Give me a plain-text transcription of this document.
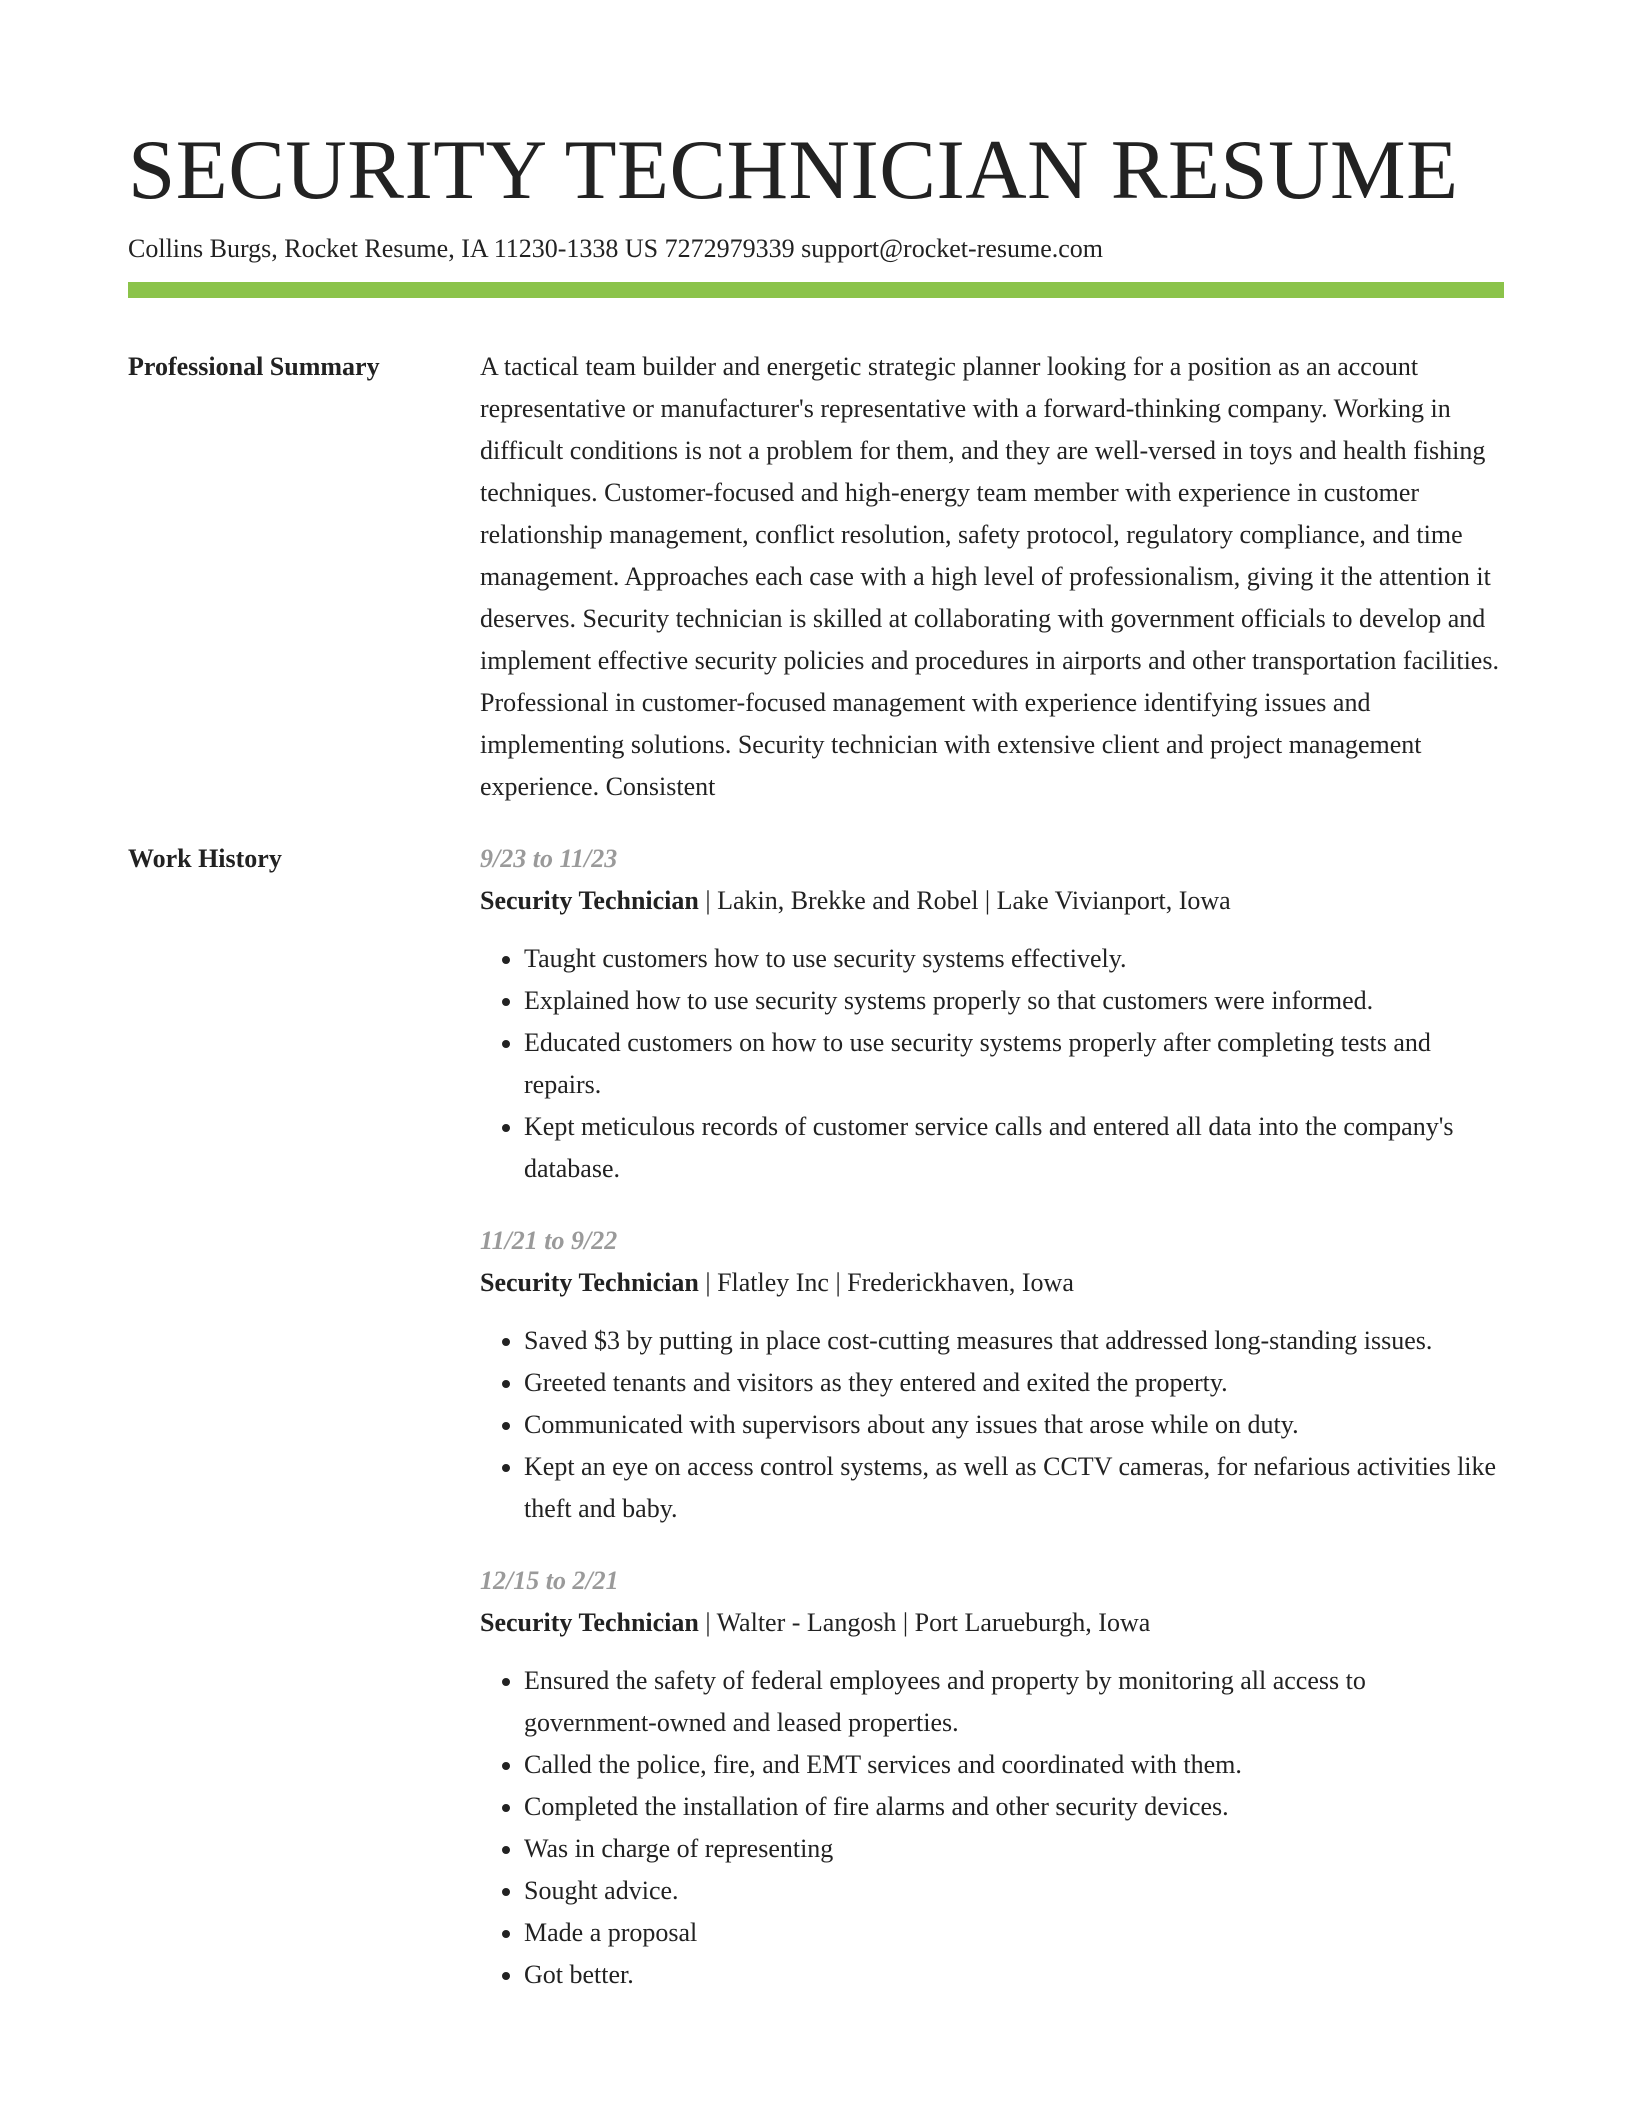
SECURITY TECHNICIAN RESUME
Collins Burgs, Rocket Resume, IA 11230-1338 US 7272979339 support@rocket-resume.com
Professional Summary	A tactical team builder and energetic strategic planner looking for a position as an account representative or manufacturer's representative with a forward-thinking company. Working in difficult conditions is not a problem for them, and they are well-versed in toys and health fishing techniques. Customer-focused and high-energy team member with experience in customer relationship management, conflict resolution, safety protocol, regulatory compliance, and time management. Approaches each case with a high level of professionalism, giving it the attention it deserves. Security technician is skilled at collaborating with government officials to develop and implement effective security policies and procedures in airports and other transportation facilities. Professional in customer-focused management with experience identifying issues and implementing solutions. Security technician with extensive client and project management experience. Consistent

Work History	9/23 to 11/23
Security Technician | Lakin, Brekke and Robel | Lake Vivianport, Iowa
• Taught customers how to use security systems effectively.
• Explained how to use security systems properly so that customers were informed.
• Educated customers on how to use security systems properly after completing tests and repairs.
• Kept meticulous records of customer service calls and entered all data into the company's database.
11/21 to 9/22
Security Technician | Flatley Inc | Frederickhaven, Iowa
• Saved $3 by putting in place cost-cutting measures that addressed long-standing issues.
• Greeted tenants and visitors as they entered and exited the property.
• Communicated with supervisors about any issues that arose while on duty.
• Kept an eye on access control systems, as well as CCTV cameras, for nefarious activities like theft and baby.
12/15 to 2/21
Security Technician | Walter - Langosh | Port Larueburgh, Iowa
• Ensured the safety of federal employees and property by monitoring all access to government-owned and leased properties.
• Called the police, fire, and EMT services and coordinated with them.
• Completed the installation of fire alarms and other security devices.
• Was in charge of representing
• Sought advice.
• Made a proposal
• Got better.
